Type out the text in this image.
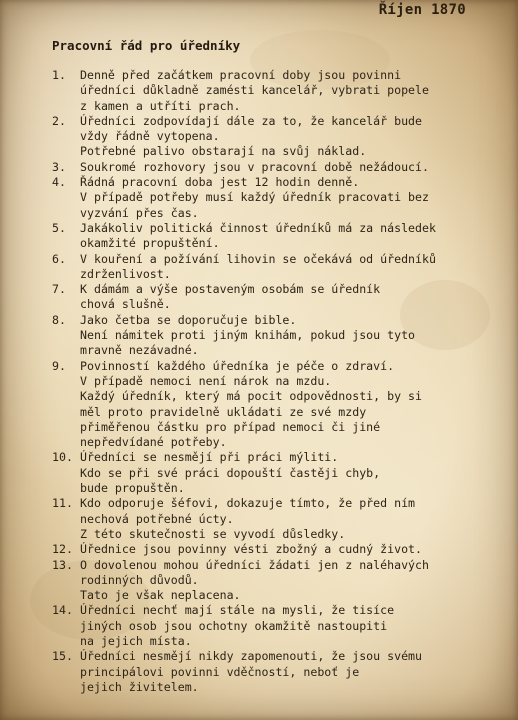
Říjen 1870
Pracovní řád pro úředníky
1.	Denně před začátkem pracovní doby jsou povinni
úředníci důkladně zamésti kancelář, vybrati popele
z kamen a utříti prach.
2.	Úředníci zodpovídají dále za to, že kancelář bude
vždy řádně vytopena.
Potřebné palivo obstarají na svůj náklad.
3.	Soukromé rozhovory jsou v pracovní době nežádoucí.
4.	Řádná pracovní doba jest 12 hodin denně.
V případě potřeby musí každý úředník pracovati bez
vyzvání přes čas.
5.	Jakákoliv politická činnost úředníků má za následek
okamžité propuštění.
6.	V kouření a požívání lihovin se očekává od úředníků
zdrženlivost.
7.	K dámám a výše postaveným osobám se úředník
chová slušně.
8.	Jako četba se doporučuje bible.
Není námitek proti jiným knihám, pokud jsou tyto
mravně nezávadné.
9.	Povinností každého úředníka je péče o zdraví.
V případě nemoci není nárok na mzdu.
Každý úředník, který má pocit odpovědnosti, by si
měl proto pravidelně ukládati ze své mzdy
přiměřenou částku pro případ nemoci či jiné
nepředvídané potřeby.
10. Úředníci se nesmějí při práci mýliti.
Kdo se při své práci dopouští častěji chyb,
bude propuštěn.
11. Kdo odporuje šéfovi, dokazuje tímto, že před ním
nechová potřebné úcty.
Z této skutečnosti se vyvodí důsledky.
12. Úřednice jsou povinny vésti zbožný a cudný život.
13. O dovolenou mohou úředníci žádati jen z naléhavých
rodinných důvodů.
Tato je však neplacena.
14. Úředníci nechť mají stále na mysli, že tisíce
jiných osob jsou ochotny okamžitě nastoupiti
na jejich místa.
15. Úředníci nesmějí nikdy zapomenouti, že jsou svému
principálovi povinni vděčností, neboť je
jejich živitelem.
